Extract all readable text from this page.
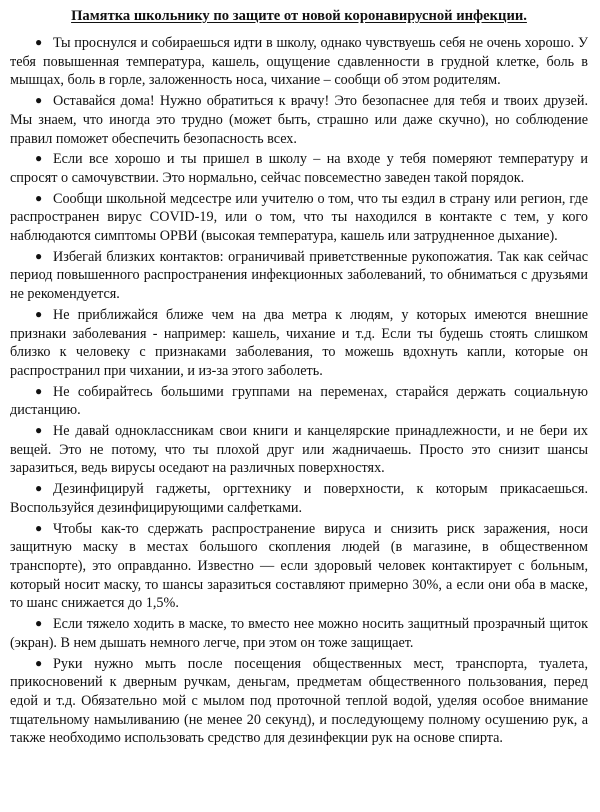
Памятка школьнику по защите от новой коронавирусной инфекции.

● Ты проснулся и собираешься идти в школу, однако чувствуешь себя не очень хорошо. У тебя повышенная температура, кашель, ощущение сдавленности в грудной клетке, боль в мышцах, боль в горле, заложенность носа, чихание – сообщи об этом родителям.

● Оставайся дома! Нужно обратиться к врачу! Это безопаснее для тебя и твоих друзей. Мы знаем, что иногда это трудно (может быть, страшно или даже скучно), но соблюдение правил поможет обеспечить безопасность всех.

● Если все хорошо и ты пришел в школу – на входе у тебя померяют температуру и спросят о самочувствии. Это нормально, сейчас повсеместно заведен такой порядок.

● Сообщи школьной медсестре или учителю о том, что ты ездил в страну или регион, где распространен вирус COVID-19, или о том, что ты находился в контакте с тем, у кого наблюдаются симптомы ОРВИ (высокая температура, кашель или затрудненное дыхание).

● Избегай близких контактов: ограничивай приветственные рукопожатия. Так как сейчас период повышенного распространения инфекционных заболеваний, то обниматься с друзьями не рекомендуется.

● Не приближайся ближе чем на два метра к людям, у которых имеются внешние признаки заболевания - например: кашель, чихание и т.д. Если ты будешь стоять слишком близко к человеку с признаками заболевания, то можешь вдохнуть капли, которые он распространил при чихании, и из-за этого заболеть.

● Не собирайтесь большими группами на переменах, старайся держать социальную дистанцию.

● Не давай одноклассникам свои книги и канцелярские принадлежности, и не бери их вещей. Это не потому, что ты плохой друг или жадничаешь. Просто это снизит шансы заразиться, ведь вирусы оседают на различных поверхностях.

● Дезинфицируй гаджеты, оргтехнику и поверхности, к которым прикасаешься. Воспользуйся дезинфицирующими салфетками.

● Чтобы как-то сдержать распространение вируса и снизить риск заражения, носи защитную маску в местах большого скопления людей (в магазине, в общественном транспорте), это оправданно. Известно — если здоровый человек контактирует с больным, который носит маску, то шансы заразиться составляют примерно 30%, а если они оба в маске, то шанс снижается до 1,5%.

● Если тяжело ходить в маске, то вместо нее можно носить защитный прозрачный щиток (экран). В нем дышать немного легче, при этом он тоже защищает.

● Руки нужно мыть после посещения общественных мест, транспорта, туалета, прикосновений к дверным ручкам, деньгам, предметам общественного пользования, перед едой и т.д. Обязательно мой с мылом под проточной теплой водой, уделяя особое внимание тщательному намыливанию (не менее 20 секунд), и последующему полному осушению рук, а также необходимо использовать средство для дезинфекции рук на основе спирта.
